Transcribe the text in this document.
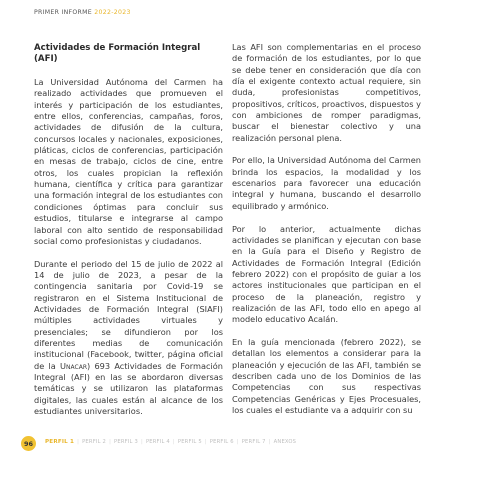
PRIMER INFORME 2022-2023

Actividades de Formación Integral (AFI)

La Universidad Autónoma del Carmen ha realizado actividades que promueven el interés y participación de los estudiantes, entre ellos, conferencias, campañas, foros, actividades de difusión de la cultura, concursos locales y nacionales, exposiciones, pláticas, ciclos de conferencias, participación en mesas de trabajo, ciclos de cine, entre otros, los cuales propician la reflexión humana, científica y crítica para garantizar una formación integral de los estudiantes con condiciones óptimas para concluir sus estudios, titularse e integrarse al campo laboral con alto sentido de responsabilidad social como profesionistas y ciudadanos.

Durante el periodo del 15 de julio de 2022 al 14 de julio de 2023, a pesar de la contingencia sanitaria por Covid-19 se registraron en el Sistema Institucional de Actividades de Formación Integral (SIAFI) múltiples actividades virtuales y presenciales; se difundieron por los diferentes medias de comunicación institucional (Facebook, twitter, página oficial de la Unacar) 693 Actividades de Formación Integral (AFI) en las se abordaron diversas temáticas y se utilizaron las plataformas digitales, las cuales están al alcance de los estudiantes universitarios.

Las AFI son complementarias en el proceso de formación de los estudiantes, por lo que se debe tener en consideración que día con día el exigente contexto actual requiere, sin duda, profesionistas competitivos, propositivos, críticos, proactivos, dispuestos y con ambiciones de romper paradigmas, buscar el bienestar colectivo y una realización personal plena.

Por ello, la Universidad Autónoma del Carmen brinda los espacios, la modalidad y los escenarios para favorecer una educación integral y humana, buscando el desarrollo equilibrado y armónico.

Por lo anterior, actualmente dichas actividades se planifican y ejecutan con base en la Guía para el Diseño y Registro de Actividades de Formación Integral (Edición febrero 2022) con el propósito de guiar a los actores institucionales que participan en el proceso de la planeación, registro y realización de las AFI, todo ello en apego al modelo educativo Acalán.

En la guía mencionada (febrero 2022), se detallan los elementos a considerar para la planeación y ejecución de las AFI, también se describen cada uno de los Dominios de las Competencias con sus respectivas Competencias Genéricas y Ejes Procesuales, los cuales el estudiante va a adquirir con su

96	PERFIL 1 | PERFIL 2 | PERFIL 3 | PERFIL 4 | PERFIL 5 | PERFIL 6 | PERFIL 7 | ANEXOS
